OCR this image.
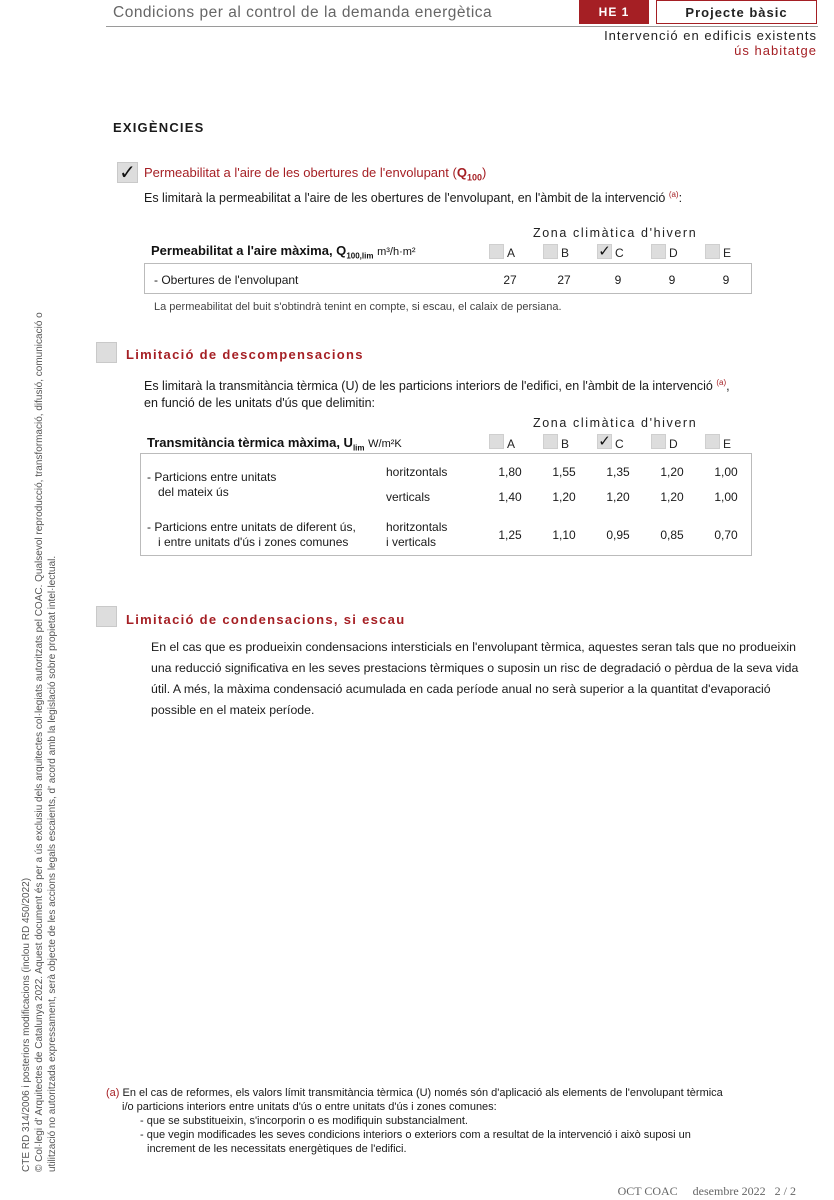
Condicions per al control de la demanda energètica	HE 1	Projecte bàsic
Intervenció en edificis existents
ús habitatge
EXIGÈNCIES
✓ Permeabilitat a l'aire de les obertures de l'envolupant $(Q_{100})$
Es limitarà la permeabilitat a l'aire de les obertures de l'envolupant, en l'àmbit de la intervenció $^{(a)}$:
Zona climàtica d'hivern
Permeabilitat a l'aire màxima, $Q_{100,lim}$ m³/h·m²	A	B ✓ C	D	E
- Obertures de l'envolupant	27	27	9	9	9
La permeabilitat del buit s'obtindrà tenint en compte, si escau, el calaix de persiana.
Limitació de descompensacions
Es limitarà la transmitància tèrmica (U) de les particions interiors de l'edifici, en l'àmbit de la intervenció $^{(a)}$,
en funció de les unitats d'ús que delimitin:
Zona climàtica d'hivern
Transmitància tèrmica màxima, $U_{lim}$ W/m²K	A	B ✓ C	D	E
- Particions entre unitats
del mateix ús
horitzontals	1,80	1,55	1,35	1,20	1,00
verticals	1,40	1,20	1,20	1,20	1,00
- Particions entre unitats de diferent ús,
i entre unitats d'ús i zones comunes
horitzontals
i verticals	1,25	1,10	0,95	0,85	0,70
Limitació de condensacions, si escau
En el cas que es produeixin condensacions intersticials en l'envolupant tèrmica, aquestes seran tals que no produeixin una reducció significativa en les seves prestacions tèrmiques o suposin un risc de degradació o pèrdua de la seva vida útil. A més, la màxima condensació acumulada en cada període anual no serà superior a la quantitat d'evaporació possible en el mateix període.
CTE RD 314/2006 i posteriors modificacions (inclou RD 450/2022) © Col·legi d' Arquitectes de Catalunya 2022. Aquest document és per a ús exclusiu dels arquitectes col·legiats autoritzats pel COAC. Qualsevol reproducció, transformació, difusió, comunicació o utilització no autoritzada expressament, serà objecte de les accions legals escaients, d' acord amb la legislació sobre propietat intel·lectual.	(a) En el cas de reformes, els valors límit transmitància tèrmica (U) només són d'aplicació als elements de l'envolupant tèrmica
i/o particions interiors entre unitats d'ús o entre unitats d'ús i zones comunes:
- que se substitueixin, s'incorporin o es modifiquin substancialment.
- que vegin modificades les seves condicions interiors o exteriors com a resultat de la intervenció i això suposi un
increment de les necessitats energètiques de l'edifici.
OCT COAC     desembre 2022   2 / 2
